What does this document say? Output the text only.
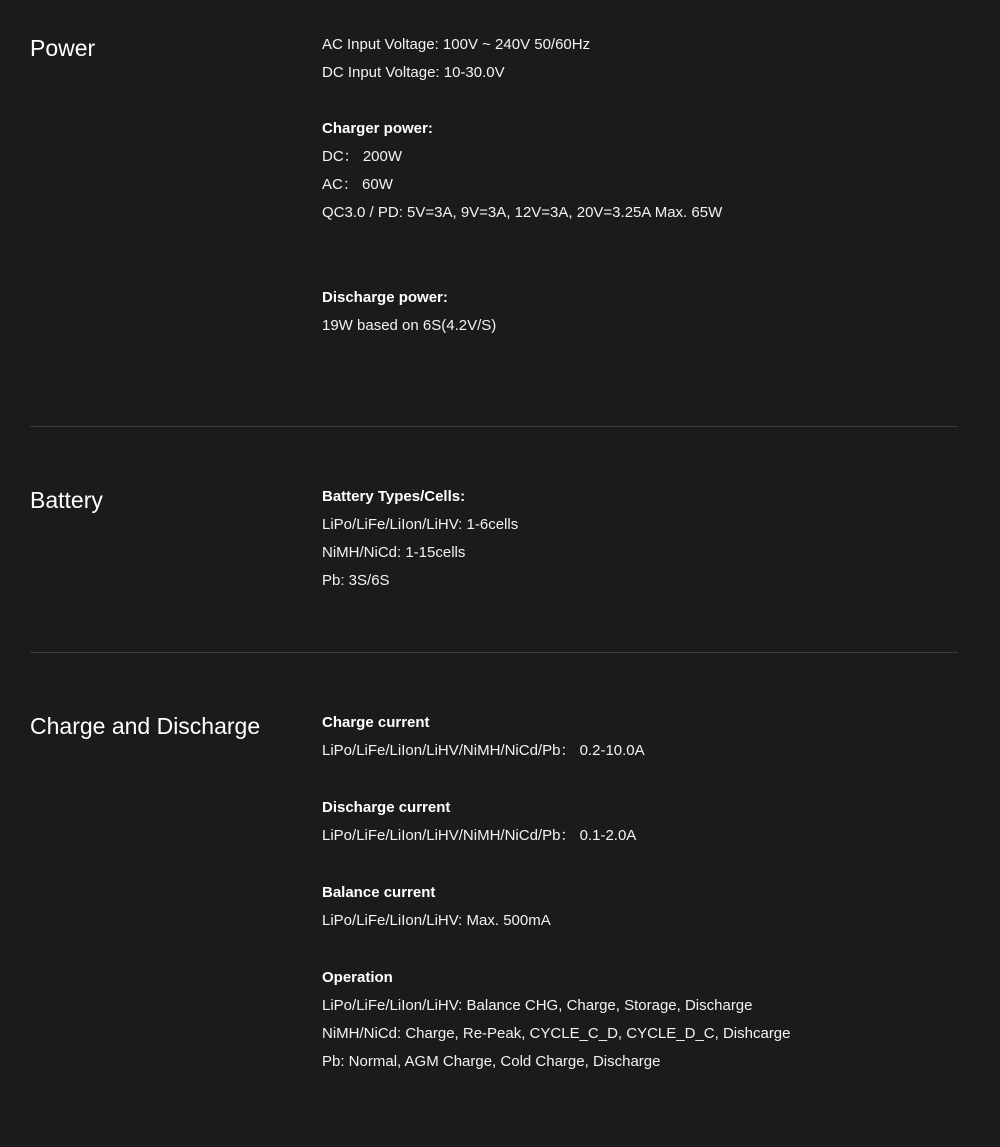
Power	AC Input Voltage: 100V ~ 240V 50/60Hz
DC Input Voltage: 10-30.0V
Charger power:
DC： 200W
AC： 60W
QC3.0 / PD: 5V=3A, 9V=3A, 12V=3A, 20V=3.25A Max. 65W
Discharge power:
19W based on 6S(4.2V/S)
Battery	Battery Types/Cells:
LiPo/LiFe/LiIon/LiHV: 1-6cells
NiMH/NiCd: 1-15cells
Pb: 3S/6S
Charge and Discharge	Charge current
LiPo/LiFe/LiIon/LiHV/NiMH/NiCd/Pb： 0.2-10.0A
Discharge current
LiPo/LiFe/LiIon/LiHV/NiMH/NiCd/Pb： 0.1-2.0A
Balance current
LiPo/LiFe/LiIon/LiHV: Max. 500mA
Operation
LiPo/LiFe/LiIon/LiHV: Balance CHG, Charge, Storage, Discharge
NiMH/NiCd: Charge, Re-Peak, CYCLE_C_D, CYCLE_D_C, Dishcarge
Pb: Normal, AGM Charge, Cold Charge, Discharge
